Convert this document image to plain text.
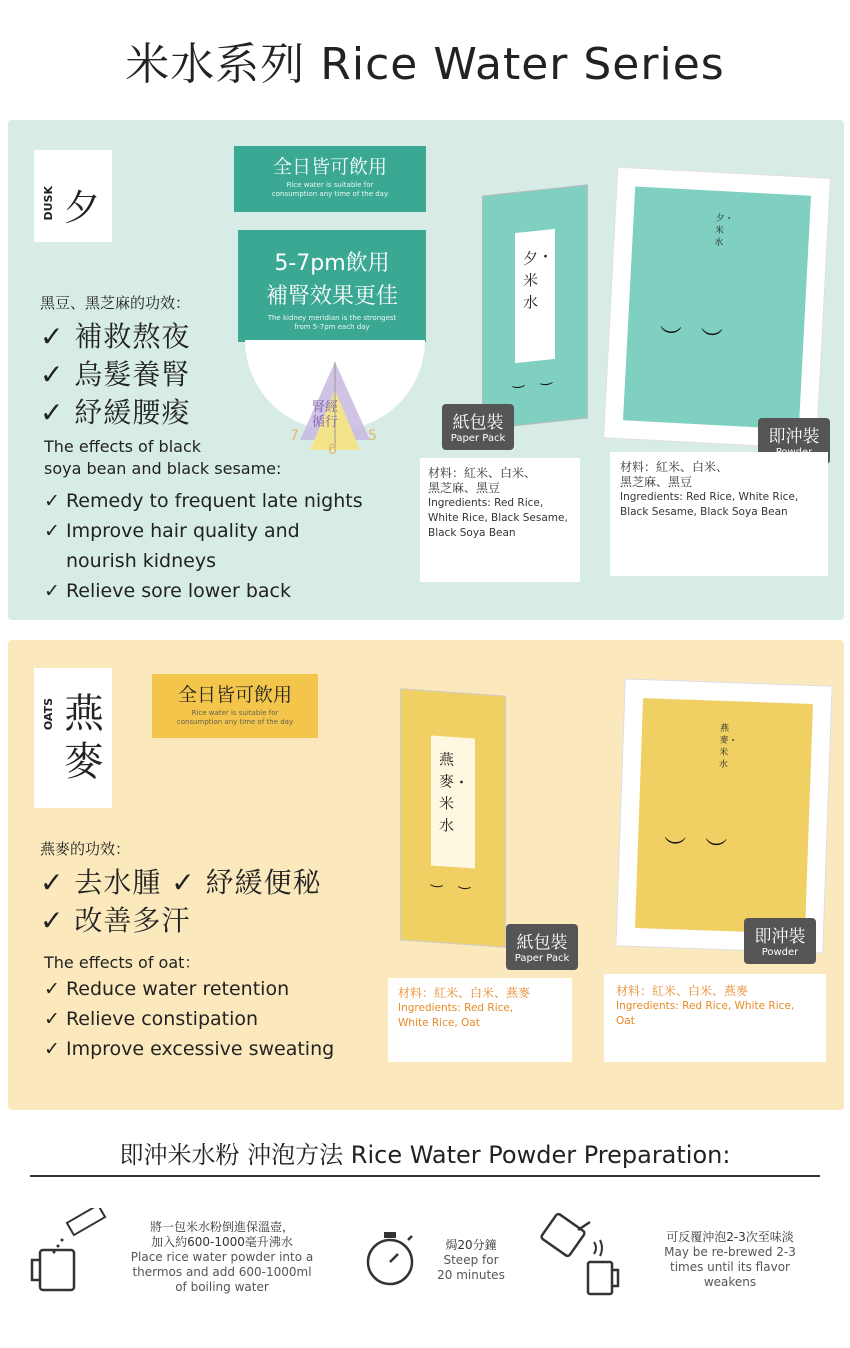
米水系列 Rice Water Series
DUSK 夕
全日皆可飲用
Rice water is suitable for consumption any time of the day
5-7pm飲用
補腎效果更佳
The kidney meridian is the strongest from 5-7pm each day
腎經
循行
7
6
5
黑豆、黑芝麻的功效：
✓ 補救熬夜
✓ 烏髮養腎
✓ 紓緩腰痠
The effects of black
soya bean and black sesame:
✓ Remedy to frequent late nights
✓ Improve hair quality and
nourish kidneys
✓ Relieve sore lower back
夕・米水
‿ ‿
紙包裝
Paper Pack
材料：紅米、白米、
黑芝麻、黑豆
Ingredients: Red Rice,
White Rice, Black Sesame,
Black Soya Bean
夕・米水
︶ ︶
即沖裝
材料：紅米、白米、
黑芝麻、黑豆
Ingredients: Red Rice, White Rice,
Black Sesame, Black Soya Bean
OATS 燕麥
全日皆可飲用
Rice water is suitable for consumption any time of the day
燕麥的功效：
✓ 去水腫 ✓ 紓緩便秘
✓ 改善多汗
The effects of oat：
✓ Reduce water retention
✓ Relieve constipation
✓ Improve excessive sweating
燕麥・米水
‿ ‿
紙包裝
Paper Pack
材料：紅米、白米、燕麥
Ingredients: Red Rice,
White Rice, Oat
燕麥・米水
︶ ︶
即沖裝
Powder
材料：紅米、白米、燕麥
Ingredients: Red Rice, White Rice,
Oat
即沖米水粉 沖泡方法 Rice Water Powder Preparation:
將一包米水粉倒進保溫壺，
加入約600-1000毫升沸水
Place rice water powder into a
thermos and add 600-1000ml
of boiling water
焗20分鐘
Steep for
20 minutes
可反覆沖泡2-3次至味淡
May be re-brewed 2-3
times until its flavor
weakens
